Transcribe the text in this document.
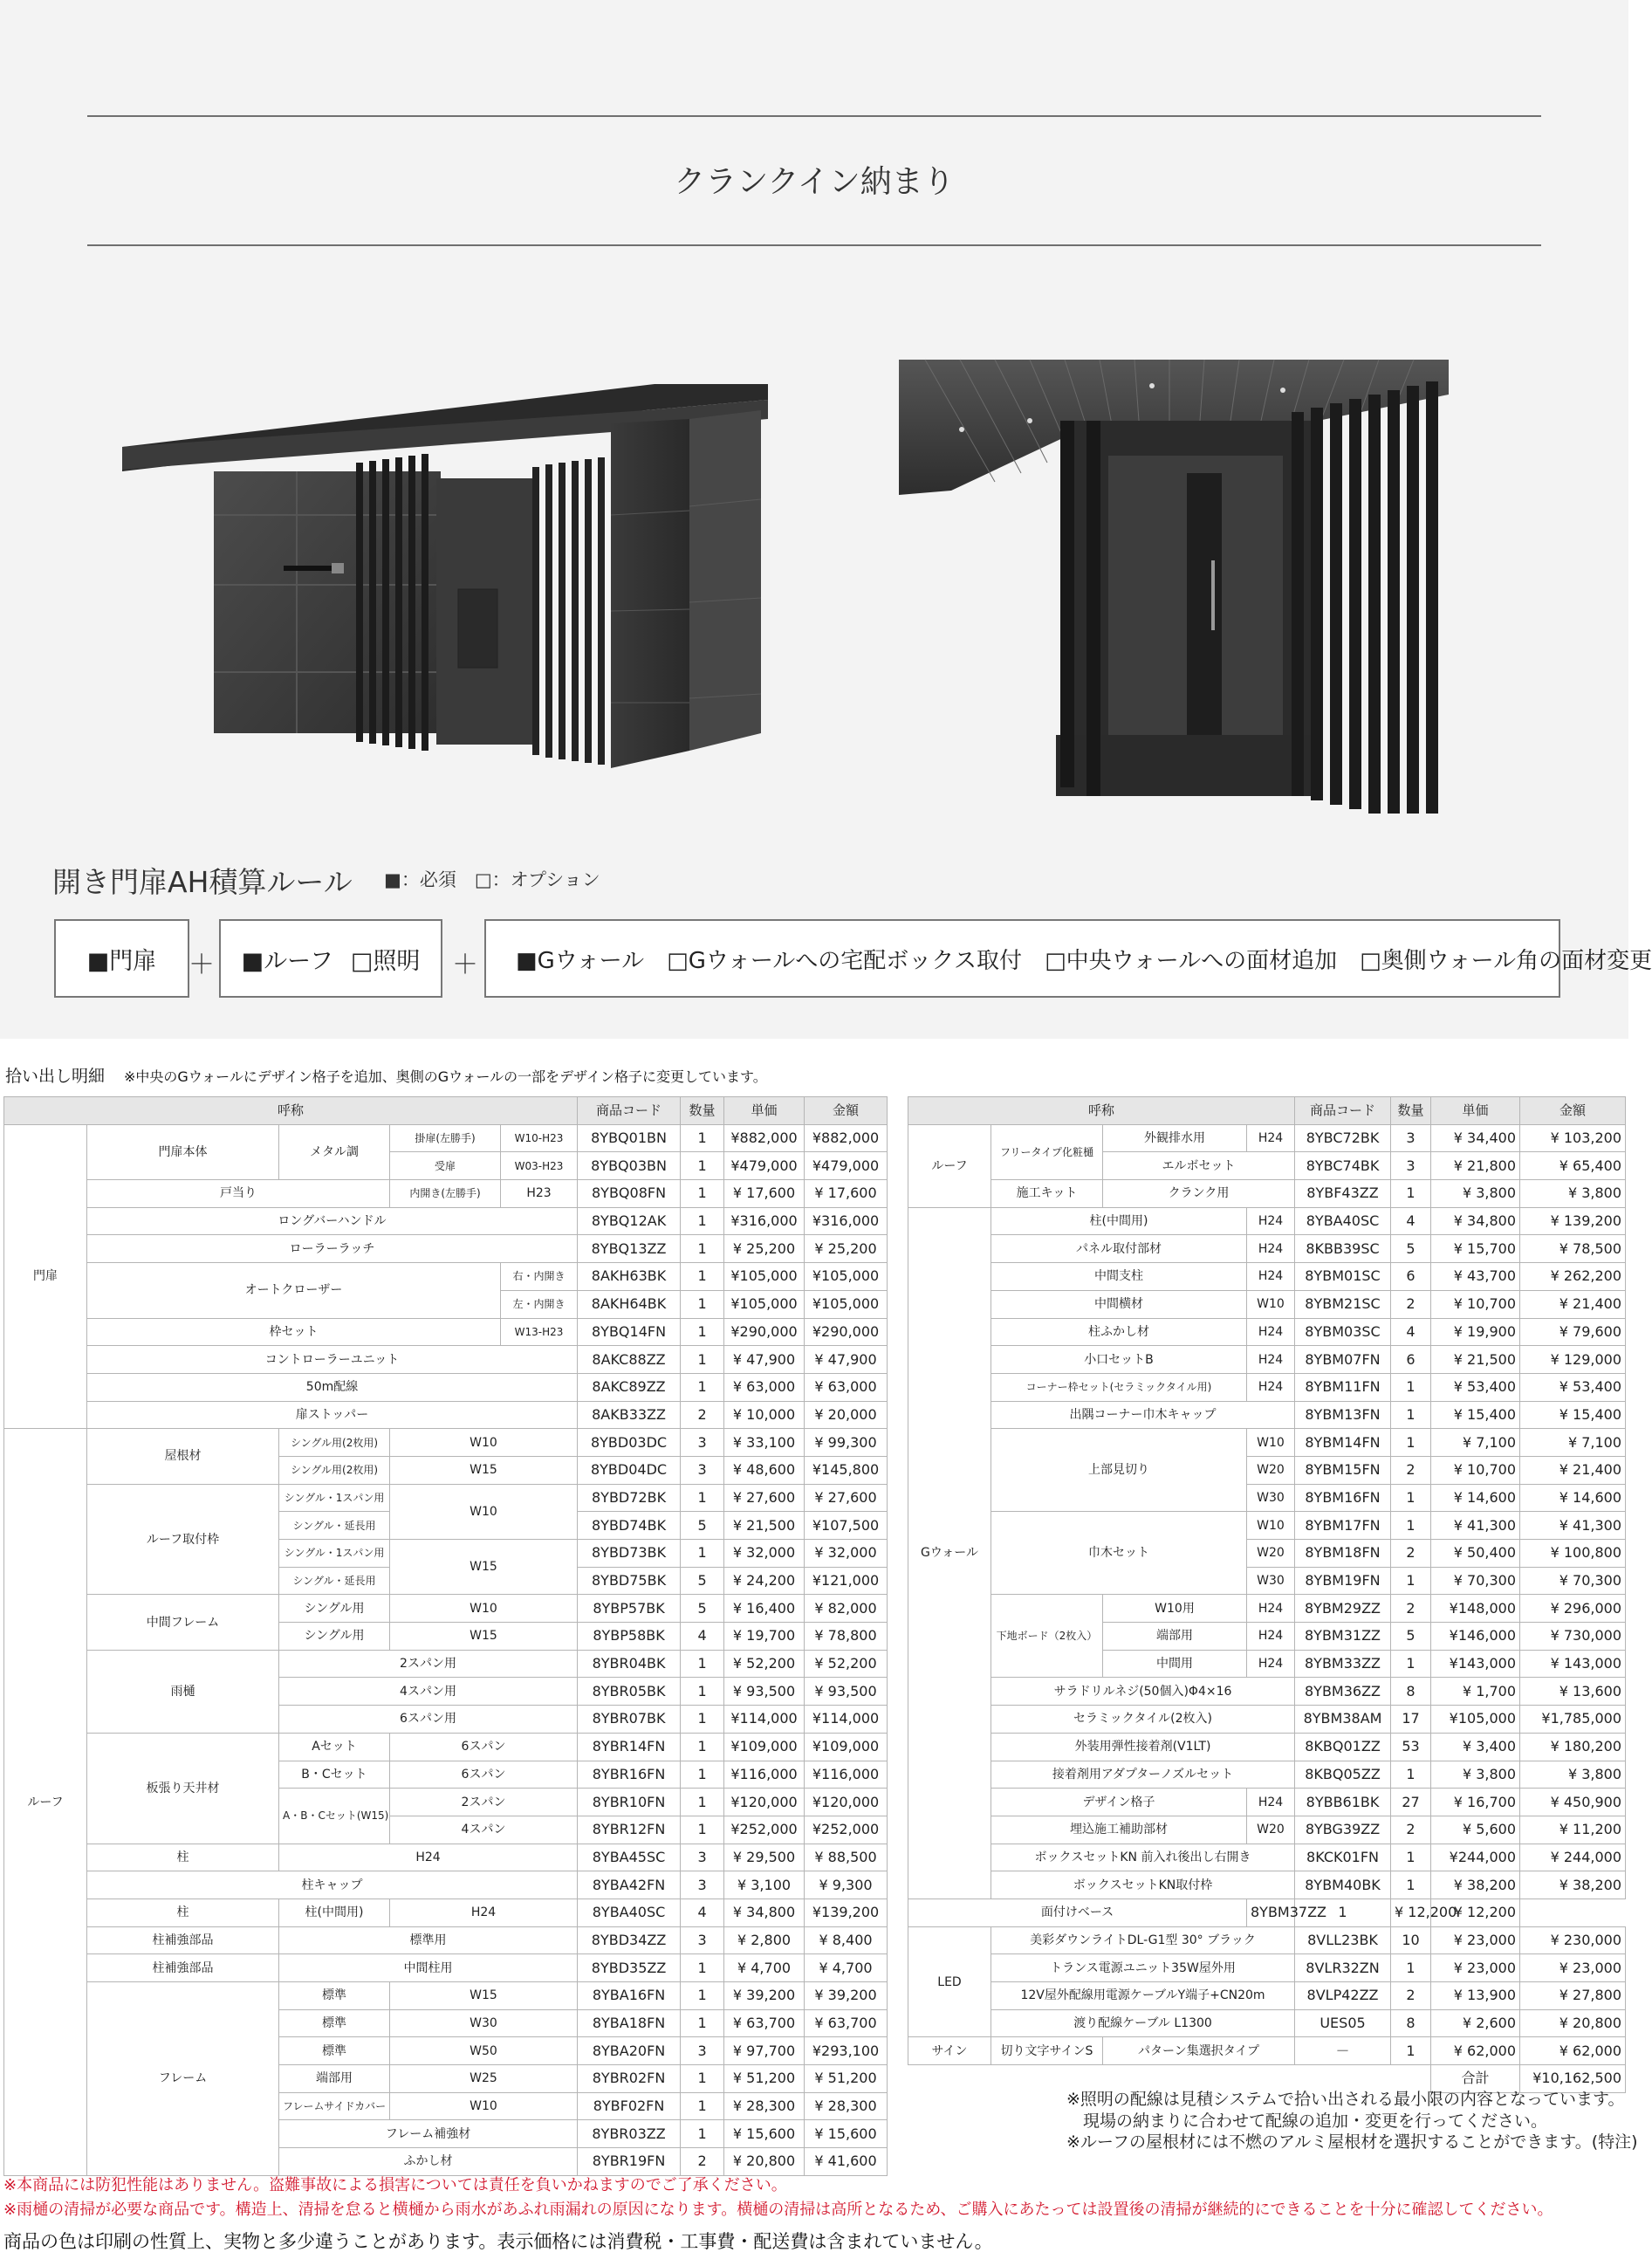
クランクイン納まり
開き門扉AH積算ルール ■：必須　□：オプション
■門扉 ＋ ■ルーフ □照明 ＋ ■Gウォール □Gウォールへの宅配ボックス取付 □中央ウォールへの面材追加 □奥側ウォール角の面材変更
拾い出し明細 ※中央のGウォールにデザイン格子を追加、奥側のGウォールの一部をデザイン格子に変更しています。
呼称					商品コード	数量	単価	金額
門扉	門扉本体	メタル調	掛扉(左勝手)	W10-H23	8YBQ01BN	1	¥882,000	¥882,000
			受扉	W03-H23	8YBQ03BN	1	¥479,000	¥479,000
	戸当り		内開き(左勝手)	H23	8YBQ08FN	1	¥ 17,600	¥ 17,600
	ロングバーハンドル				8YBQ12AK	1	¥316,000	¥316,000
	ローラーラッチ				8YBQ13ZZ	1	¥ 25,200	¥ 25,200
	オートクローザー			右・内開き	8AKH63BK	1	¥105,000	¥105,000
				左・内開き	8AKH64BK	1	¥105,000	¥105,000
	枠セット			W13-H23	8YBQ14FN	1	¥290,000	¥290,000
	コントローラーユニット				8AKC88ZZ	1	¥ 47,900	¥ 47,900
	50m配線				8AKC89ZZ	1	¥ 63,000	¥ 63,000
	扉ストッパー				8AKB33ZZ	2	¥ 10,000	¥ 20,000
ルーフ	屋根材	シングル用(2枚用)	W10		8YBD03DC	3	¥ 33,100	¥ 99,300
		シングル用(2枚用)	W15		8YBD04DC	3	¥ 48,600	¥145,800
	ルーフ取付枠	シングル・1スパン用	W10		8YBD72BK	1	¥ 27,600	¥ 27,600
		シングル・延長用			8YBD74BK	5	¥ 21,500	¥107,500
		シングル・1スパン用	W15		8YBD73BK	1	¥ 32,000	¥ 32,000
		シングル・延長用			8YBD75BK	5	¥ 24,200	¥121,000
	中間フレーム	シングル用	W10		8YBP57BK	5	¥ 16,400	¥ 82,000
		シングル用	W15		8YBP58BK	4	¥ 19,700	¥ 78,800
	雨樋	2スパン用			8YBR04BK	1	¥ 52,200	¥ 52,200
		4スパン用			8YBR05BK	1	¥ 93,500	¥ 93,500
		6スパン用			8YBR07BK	1	¥114,000	¥114,000
	板張り天井材	Aセット	6スパン		8YBR14FN	1	¥109,000	¥109,000
		B・Cセット	6スパン		8YBR16FN	1	¥116,000	¥116,000
		A・B・Cセット(W15)	2スパン		8YBR10FN	1	¥120,000	¥120,000
			4スパン		8YBR12FN	1	¥252,000	¥252,000
	柱	H24			8YBA45SC	3	¥ 29,500	¥ 88,500
	柱キャップ				8YBA42FN	3	¥ 3,100	¥ 9,300
	柱	柱(中間用)	H24		8YBA40SC	4	¥ 34,800	¥139,200
	柱補強部品	標準用			8YBD34ZZ	3	¥ 2,800	¥ 8,400
	柱補強部品	中間柱用			8YBD35ZZ	1	¥ 4,700	¥ 4,700
	フレーム	標準	W15		8YBA16FN	1	¥ 39,200	¥ 39,200
		標準	W30		8YBA18FN	1	¥ 63,700	¥ 63,700
		標準	W50		8YBA20FN	3	¥ 97,700	¥293,100
		端部用	W25		8YBR02FN	1	¥ 51,200	¥ 51,200
		フレームサイドカバー	W10		8YBF02FN	1	¥ 28,300	¥ 28,300
		フレーム補強材			8YBR03ZZ	1	¥ 15,600	¥ 15,600
		ふかし材			8YBR19FN	2	¥ 20,800	¥ 41,600
呼称				商品コード	数量	単価	金額
ルーフ	フリータイプ化粧樋	外観排水用	H24	8YBC72BK	3	¥ 34,400	¥ 103,200
		エルボセット		8YBC74BK	3	¥ 21,800	¥ 65,400
	施工キット	クランク用		8YBF43ZZ	1	¥ 3,800	¥ 3,800
Gウォール	柱(中間用)		H24	8YBA40SC	4	¥ 34,800	¥ 139,200
	パネル取付部材		H24	8KBB39SC	5	¥ 15,700	¥ 78,500
	中間支柱		H24	8YBM01SC	6	¥ 43,700	¥ 262,200
	中間横材		W10	8YBM21SC	2	¥ 10,700	¥ 21,400
	柱ふかし材		H24	8YBM03SC	4	¥ 19,900	¥ 79,600
	小口セットB		H24	8YBM07FN	6	¥ 21,500	¥ 129,000
	コーナー枠セット(セラミックタイル用)		H24	8YBM11FN	1	¥ 53,400	¥ 53,400
	出隅コーナー巾木キャップ			8YBM13FN	1	¥ 15,400	¥ 15,400
	上部見切り		W10	8YBM14FN	1	¥ 7,100	¥ 7,100
			W20	8YBM15FN	2	¥ 10,700	¥ 21,400
			W30	8YBM16FN	1	¥ 14,600	¥ 14,600
	巾木セット		W10	8YBM17FN	1	¥ 41,300	¥ 41,300
			W20	8YBM18FN	2	¥ 50,400	¥ 100,800
			W30	8YBM19FN	1	¥ 70,300	¥ 70,300
	下地ボード（2枚入）	W10用	H24	8YBM29ZZ	2	¥148,000	¥ 296,000
		端部用	H24	8YBM31ZZ	5	¥146,000	¥ 730,000
		中間用	H24	8YBM33ZZ	1	¥143,000	¥ 143,000
	サラドリルネジ(50個入)Φ4×16			8YBM36ZZ	8	¥ 1,700	¥ 13,600
	セラミックタイル(2枚入)			8YBM38AM	17	¥105,000	¥1,785,000
	外装用弾性接着剤(V1LT)			8KBQ01ZZ	53	¥ 3,400	¥ 180,200
	接着剤用アダプターノズルセット			8KBQ05ZZ	1	¥ 3,800	¥ 3,800
	デザイン格子		H24	8YBB61BK	27	¥ 16,700	¥ 450,900
	埋込施工補助部材		W20	8YBG39ZZ	2	¥ 5,600	¥ 11,200
	ボックスセットKN 前入れ後出し右開き			8KCK01FN	1	¥244,000	¥ 244,000
	ボックスセットKN取付枠			8YBM40BK	1	¥ 38,200	¥ 38,200
面付けベース			8YBM37ZZ	1	¥ 12,200	¥ 12,200	
LED	美彩ダウンライトDL-G1型 30° ブラック			8VLL23BK	10	¥ 23,000	¥ 230,000
	トランス電源ユニット35W屋外用			8VLR32ZN	1	¥ 23,000	¥ 23,000
	12V屋外配線用電源ケーブルY端子+CN20m			8VLP42ZZ	2	¥ 13,900	¥ 27,800
	渡り配線ケーブル L1300			UES05	8	¥ 2,600	¥ 20,800
サイン	切り文字サインS	パターン集選択タイプ		－	1	¥ 62,000	¥ 62,000
						合計	¥10,162,500
※照明の配線は見積システムで拾い出される最小限の内容となっています。
　現場の納まりに合わせて配線の追加・変更を行ってください。
※ルーフの屋根材には不燃のアルミ屋根材を選択することができます。(特注)
※本商品には防犯性能はありません。盗難事故による損害については責任を負いかねますのでご了承ください。
※雨樋の清掃が必要な商品です。構造上、清掃を怠ると横樋から雨水があふれ雨漏れの原因になります。横樋の清掃は高所となるため、ご購入にあたっては設置後の清掃が継続的にできることを十分に確認してください。
商品の色は印刷の性質上、実物と多少違うことがあります。表示価格には消費税・工事費・配送費は含まれていません。
